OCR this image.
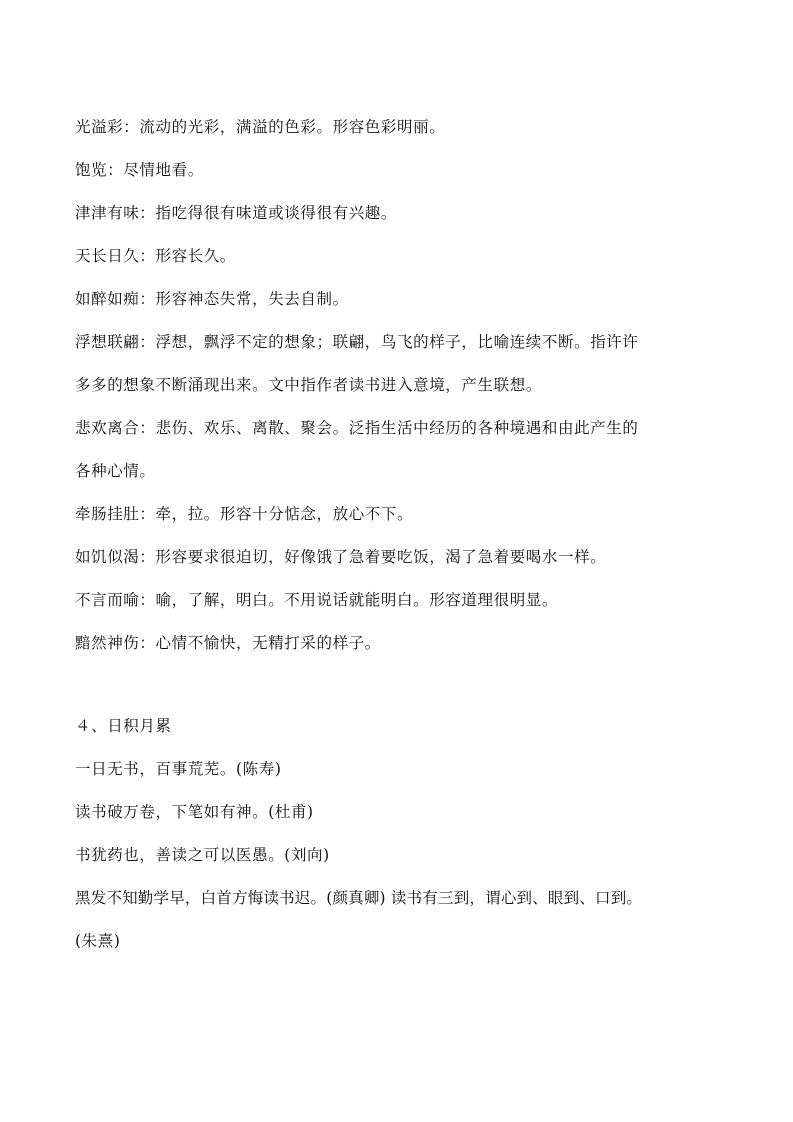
光溢彩：流动的光彩，满溢的色彩。形容色彩明丽。
饱览：尽情地看。
津津有味：指吃得很有味道或谈得很有兴趣。
天长日久：形容长久。
如醉如痴：形容神态失常，失去自制。
浮想联翩：浮想，飘浮不定的想象；联翩，鸟飞的样子，比喻连续不断。指许许
多多的想象不断涌现出来。文中指作者读书进入意境，产生联想。
悲欢离合：悲伤、欢乐、离散、聚会。泛指生活中经历的各种境遇和由此产生的
各种心情。
牵肠挂肚：牵，拉。形容十分惦念，放心不下。
如饥似渴：形容要求很迫切，好像饿了急着要吃饭，渴了急着要喝水一样。
不言而喻：喻，了解，明白。不用说话就能明白。形容道理很明显。
黯然神伤：心情不愉快，无精打采的样子。
４、日积月累
一日无书，百事荒芜。(陈寿)
读书破万卷，下笔如有神。(杜甫)
书犹药也，善读之可以医愚。(刘向)
黑发不知勤学早，白首方悔读书迟。(颜真卿) 读书有三到，谓心到、眼到、口到。
(朱熹)
